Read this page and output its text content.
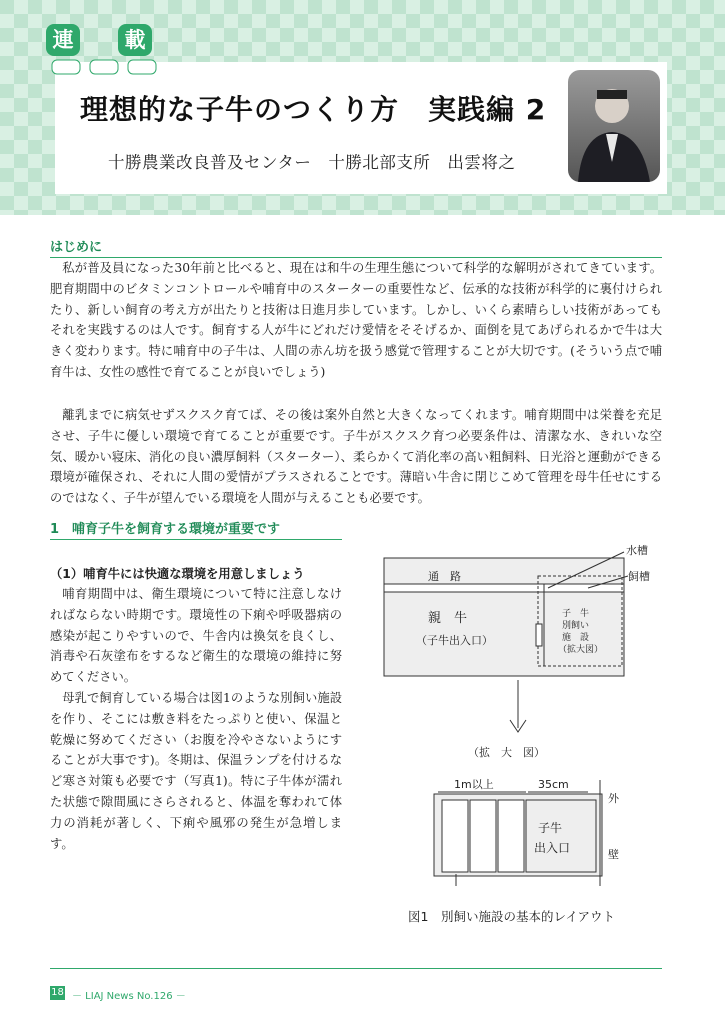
連	載
理想的な子牛のつくり方　実践編 2
十勝農業改良普及センター　十勝北部支所　出雲将之
はじめに

私が普及員になった30年前と比べると、現在は和牛の生理生態について科学的な解明がされてきています。肥育期間中のビタミンコントロールや哺育中のスターターの重要性など、伝承的な技術が科学的に裏付けられたり、新しい飼育の考え方が出たりと技術は日進月歩しています。しかし、いくら素晴らしい技術があってもそれを実践するのは人です。飼育する人が牛にどれだけ愛情をそそげるか、面倒を見てあげられるかで牛は大きく変わります。特に哺育中の子牛は、人間の赤ん坊を扱う感覚で管理することが大切です。(そういう点で哺育牛は、女性の感性で育てることが良いでしょう)

離乳までに病気せずスクスク育てば、その後は案外自然と大きくなってくれます。哺育期間中は栄養を充足させ、子牛に優しい環境で育てることが重要です。子牛がスクスク育つ必要条件は、清潔な水、きれいな空気、暖かい寝床、消化の良い濃厚飼料（スターター）、柔らかくて消化率の高い粗飼料、日光浴と運動ができる環境が確保され、それに人間の愛情がプラスされることです。薄暗い牛舎に閉じこめて管理を母牛任せにするのではなく、子牛が望んでいる環境を人間が与えることも必要です。

1　哺育子牛を飼育する環境が重要です
（1）哺育牛には快適な環境を用意しましょう

哺育期間中は、衛生環境について特に注意しなければならない時期です。環境性の下痢や呼吸器病の感染が起こりやすいので、牛舎内は換気を良くし、消毒や石灰塗布をするなど衛生的な環境の維持に努めてください。

母乳で飼育している場合は図1のような別飼い施設を作り、そこには敷き料をたっぷりと使い、保温と乾燥に努めてください（お腹を冷やさないようにすることが大事です)。冬期は、保温ランプを付けるなど寒さ対策も必要です（写真1)。特に子牛体が濡れた状態で隙間風にさらされると、体温を奪われて体力の消耗が著しく、下痢や風邪の発生が急増します。

水槽
飼槽
通　路
親　牛
（子牛出入口）
子　牛
別飼い
施　設
（拡大図）
（拡　大　図）
1m以上	35cm
子牛
出入口
外
壁
図1　別飼い施設の基本的レイアウト
18 － LIAJ News No.126 －
